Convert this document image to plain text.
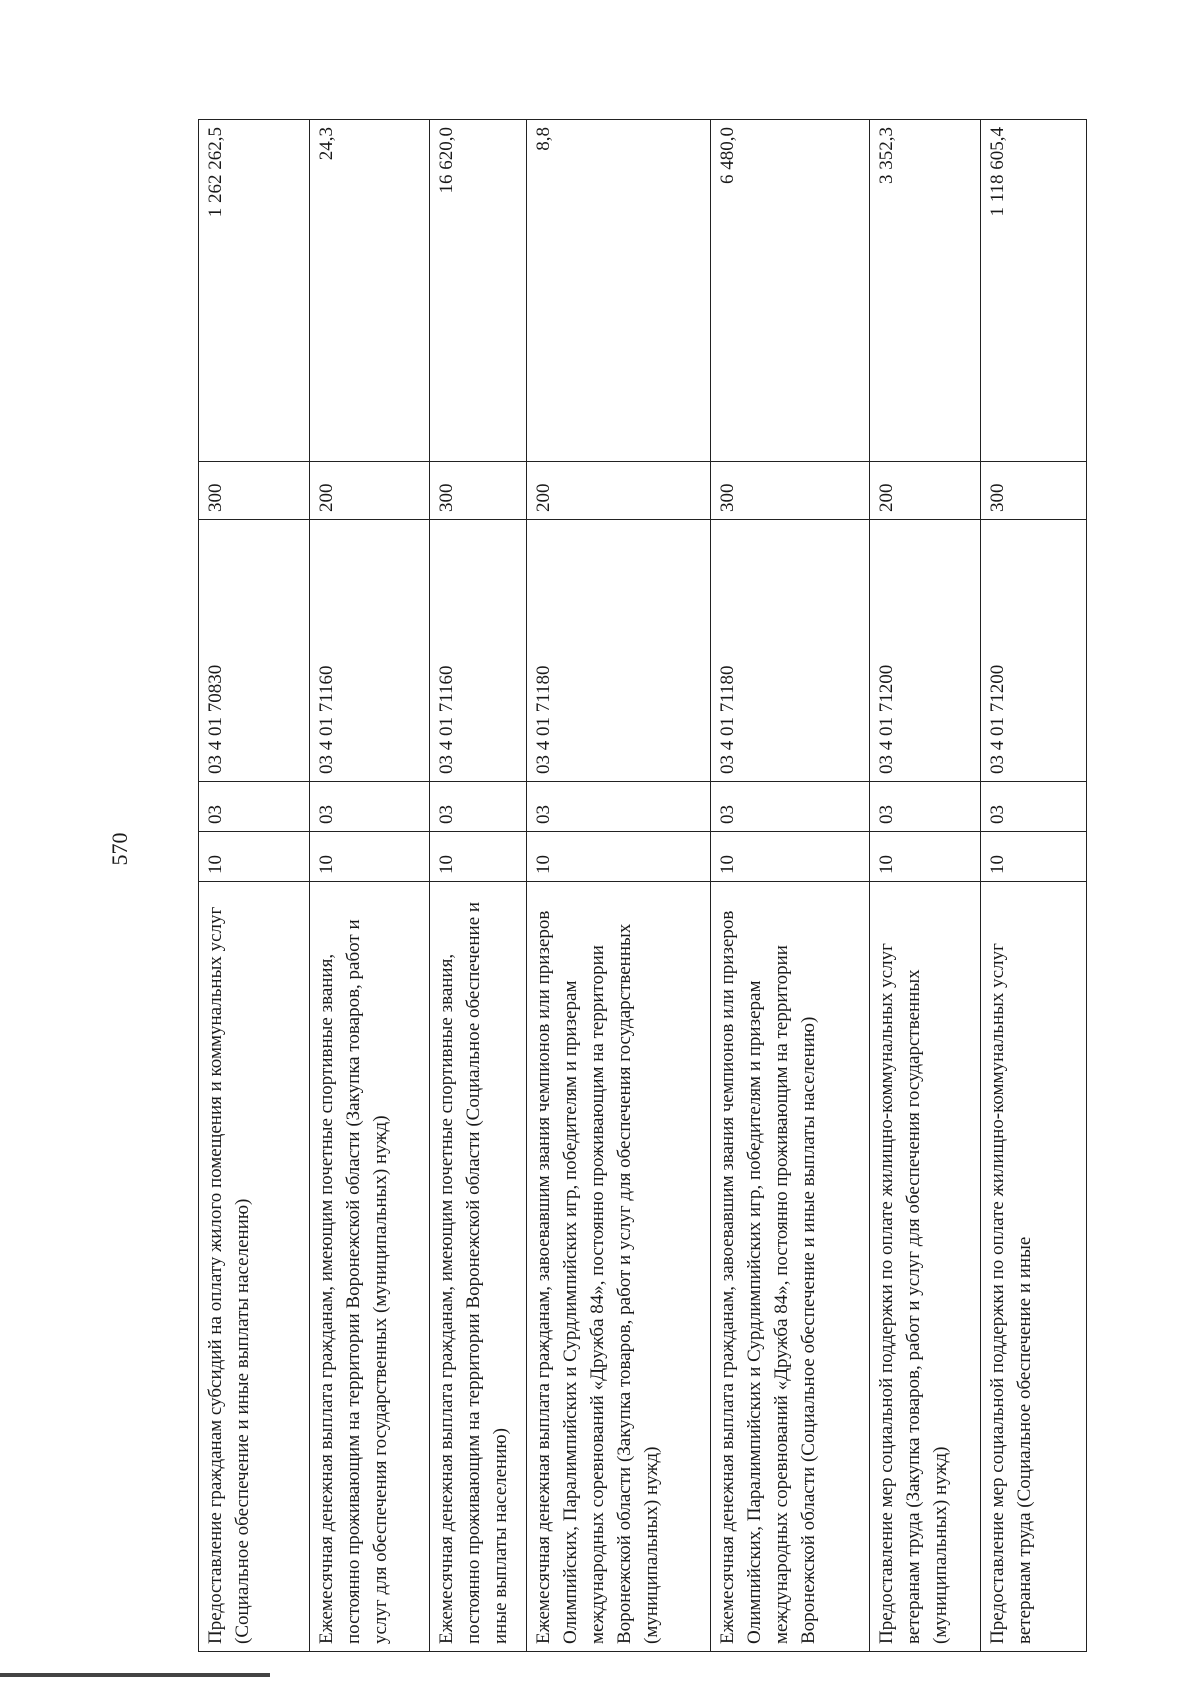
570
Предоставление гражданам субсидий на оплату жилого помещения и коммунальных услуг (Социальное обеспечение и иные выплаты населению)	10	03	03 4 01 70830	300	1 262 262,5
Ежемесячная денежная выплата гражданам, имеющим почетные спортивные звания, постоянно проживающим на территории Воронежской области (Закупка товаров, работ и услуг для обеспечения государственных (муниципальных) нужд)	10	03	03 4 01 71160	200	24,3
Ежемесячная денежная выплата гражданам, имеющим почетные спортивные звания, постоянно проживающим на территории Воронежской области (Социальное обеспечение и иные выплаты населению)	10	03	03 4 01 71160	300	16 620,0
Ежемесячная денежная выплата гражданам, завоевавшим звания чемпионов или призеров Олимпийских, Паралимпийских и Сурдлимпийских игр, победителям и призерам международных соревнований «Дружба 84», постоянно проживающим на территории Воронежской области (Закупка товаров, работ и услуг для обеспечения государственных (муниципальных) нужд)	10	03	03 4 01 71180	200	8,8
Ежемесячная денежная выплата гражданам, завоевавшим звания чемпионов или призеров Олимпийских, Паралимпийских и Сурдлимпийских игр, победителям и призерам международных соревнований «Дружба 84», постоянно проживающим на территории Воронежской области (Социальное обеспечение и иные выплаты населению)	10	03	03 4 01 71180	300	6 480,0
Предоставление мер социальной поддержки по оплате жилищно-коммунальных услуг ветеранам труда (Закупка товаров, работ и услуг для обеспечения государственных (муниципальных) нужд)	10	03	03 4 01 71200	200	3 352,3
Предоставление мер социальной поддержки по оплате жилищно-коммунальных услуг ветеранам труда (Социальное обеспечение и иные	10	03	03 4 01 71200	300	1 118 605,4
